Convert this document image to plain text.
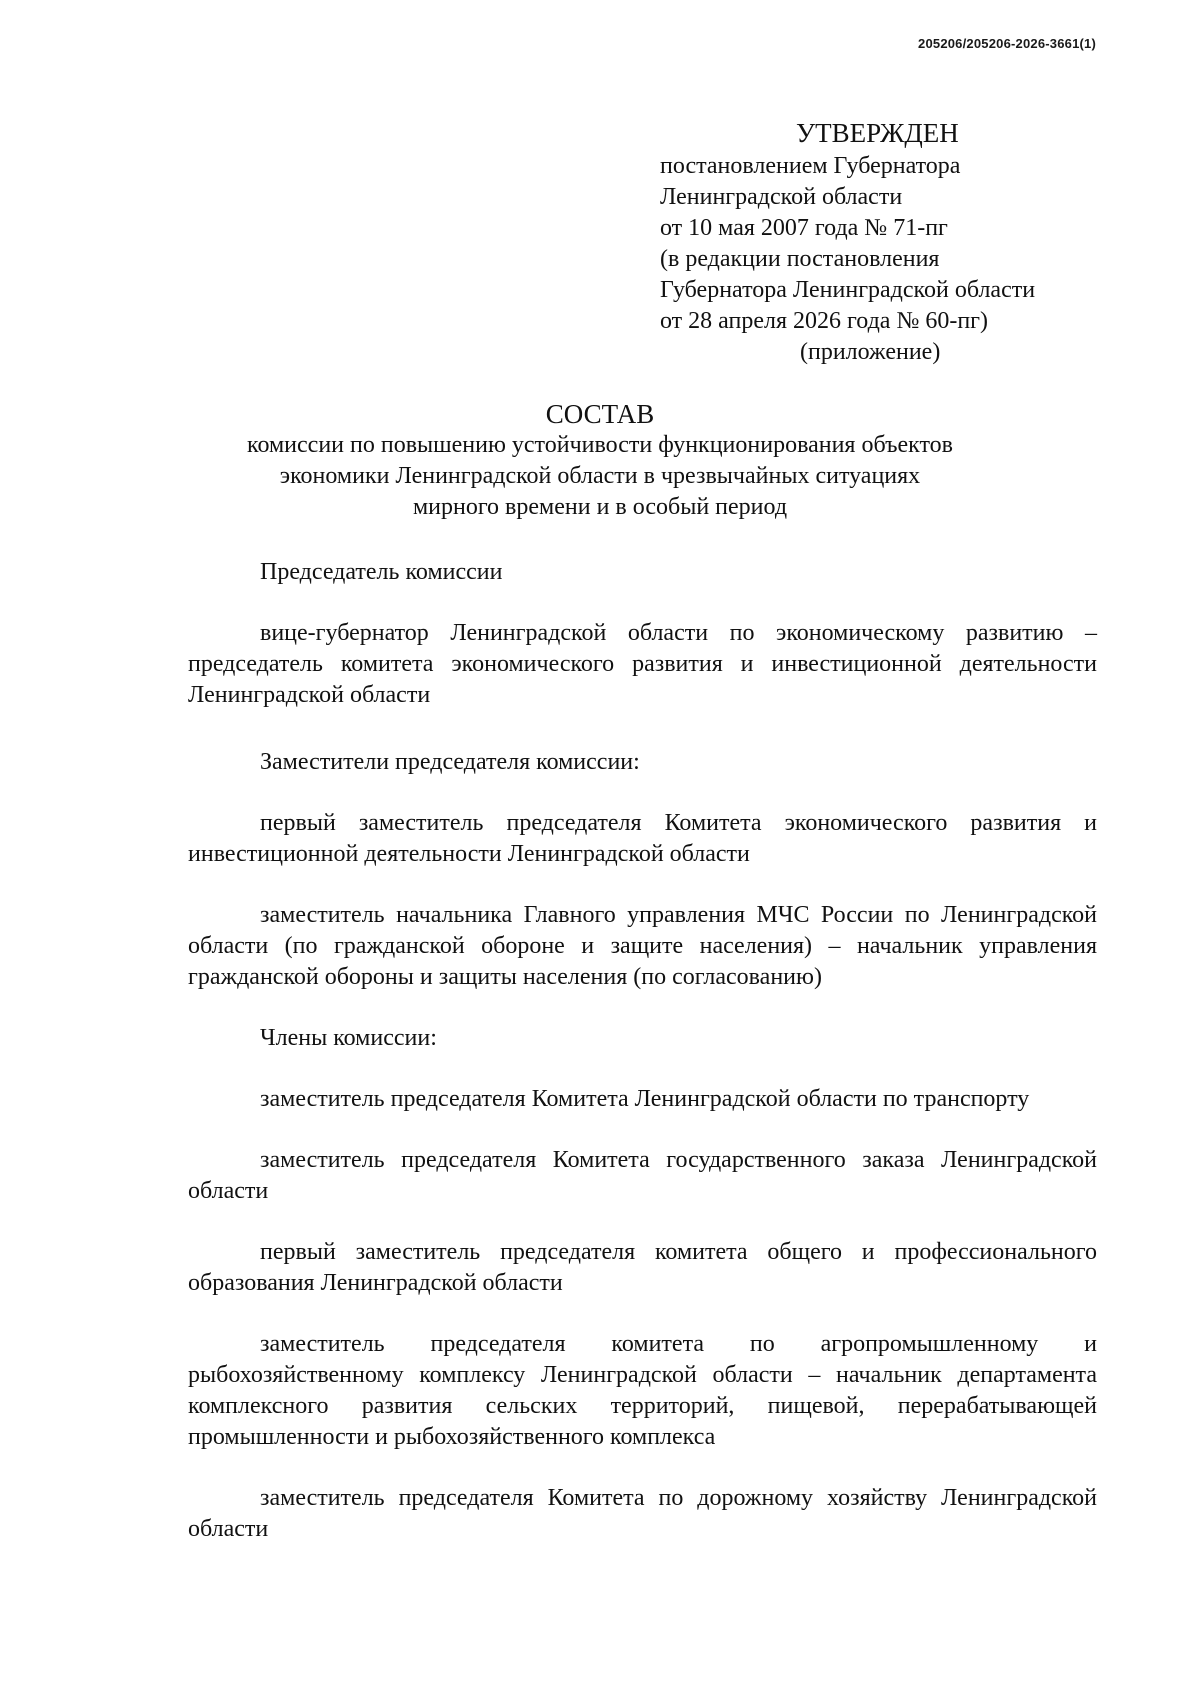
205206/205206-2026-3661(1)
УТВЕРЖДЕН
постановлением Губернатора
Ленинградской области
от 10 мая 2007 года № 71-пг
(в редакции постановления
Губернатора Ленинградской области
от 28 апреля 2026 года № 60-пг)
(приложение)
СОСТАВ
комиссии по повышению устойчивости функционирования объектов
экономики Ленинградской области в чрезвычайных ситуациях
мирного времени и в особый период
Председатель комиссии
вице-губернатор Ленинградской области по экономическому развитию – председатель комитета экономического развития и инвестиционной деятельности Ленинградской области
Заместители председателя комиссии:
первый заместитель председателя Комитета экономического развития и инвестиционной деятельности Ленинградской области
заместитель начальника Главного управления МЧС России по Ленинградской области (по гражданской обороне и защите населения) – начальник управления гражданской обороны и защиты населения (по согласованию)
Члены комиссии:
заместитель председателя Комитета Ленинградской области по транспорту
заместитель председателя Комитета государственного заказа Ленинградской области
первый заместитель председателя комитета общего и профессионального образования Ленинградской области
заместитель председателя комитета по агропромышленному и рыбохозяйственному комплексу Ленинградской области – начальник департамента комплексного развития сельских территорий, пищевой, перерабатывающей промышленности и рыбохозяйственного комплекса
заместитель председателя Комитета по дорожному хозяйству Ленинградской области
